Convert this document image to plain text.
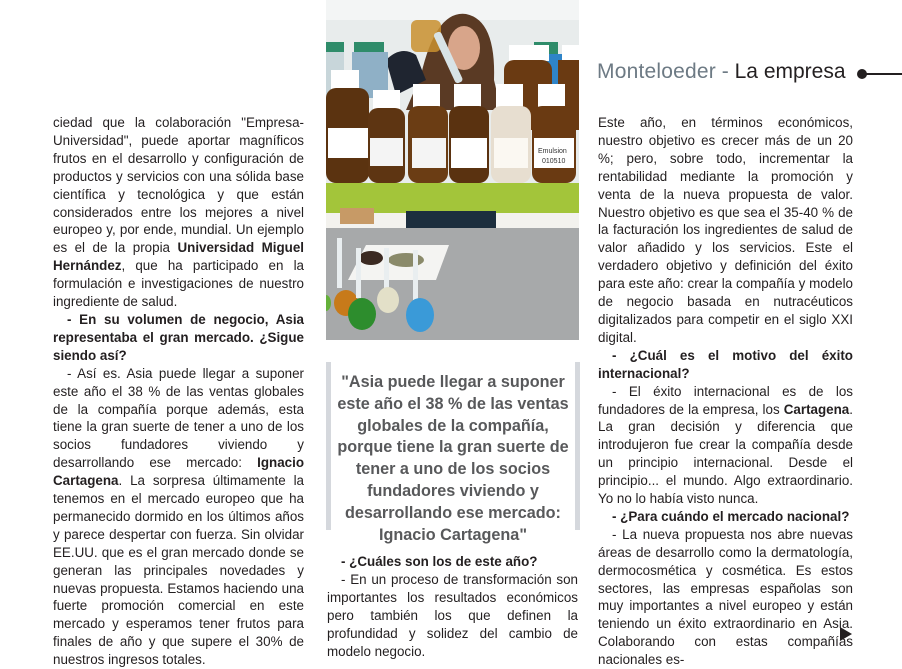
Monteloeder - La empresa
Emulsion
010510

ciedad que la colaboración "Empresa-Universidad", puede aportar magníficos frutos en el desarrollo y configuración de productos y servicios con una sólida base científica y tecnológica y que están considerados entre los mejores a nivel europeo y, por ende, mundial. Un ejemplo es el de la propia Universidad Miguel Hernández, que ha participado en la formulación e investigaciones de nuestro ingrediente de salud.

- En su volumen de negocio, Asia representaba el gran mercado. ¿Sigue siendo así?

- Así es. Asia puede llegar a suponer este año el 38 % de las ventas globales de la compañía porque además, esta tiene la gran suerte de tener a uno de los socios fundadores viviendo y desarrollando ese mercado: Ignacio Cartagena. La sorpresa últimamente la tenemos en el mercado europeo que ha permanecido dormido en los últimos años y parece despertar con fuerza. Sin olvidar EE.UU. que es el gran mercado donde se generan las principales novedades y nuevas propuesta. Estamos haciendo una fuerte promoción comercial en este mercado y esperamos tener frutos para finales de año y que supere el 30% de nuestros ingresos totales.

"Asia puede llegar a suponer este año el 38 % de las ventas globales de la compañía, porque tiene la gran suerte de tener a uno de los socios fundadores viviendo y desarrollando ese mercado: Ignacio Cartagena"

- ¿Cuáles son los de este año?

- En un proceso de transformación son importantes los resultados económicos pero también los que definen la profundidad y solidez del cambio de modelo negocio.

Este año, en términos económicos, nuestro objetivo es crecer más de un 20 %; pero, sobre todo, incrementar la rentabilidad mediante la promoción y venta de la nueva propuesta de valor. Nuestro objetivo es que sea el 35-40 % de la facturación los ingredientes de salud de valor añadido y los servicios. Este el verdadero objetivo y definición del éxito para este año: crear la compañía y modelo de negocio basada en nutracéuticos digitalizados para competir en el siglo XXI digital.

- ¿Cuál es el motivo del éxito internacional?

- El éxito internacional es de los fundadores de la empresa, los Cartagena. La gran decisión y diferencia que introdujeron fue crear la compañía desde un principio internacional. Desde el principio... el mundo. Algo extraordinario. Yo no lo había visto nunca.

- ¿Para cuándo el mercado nacional?

- La nueva propuesta nos abre nuevas áreas de desarrollo como la dermatología, dermocosmética y cosmética. Es estos sectores, las empresas españolas son muy importantes a nivel europeo y están teniendo un éxito extraordinario en Asia. Colaborando con estas compañías nacionales es-
